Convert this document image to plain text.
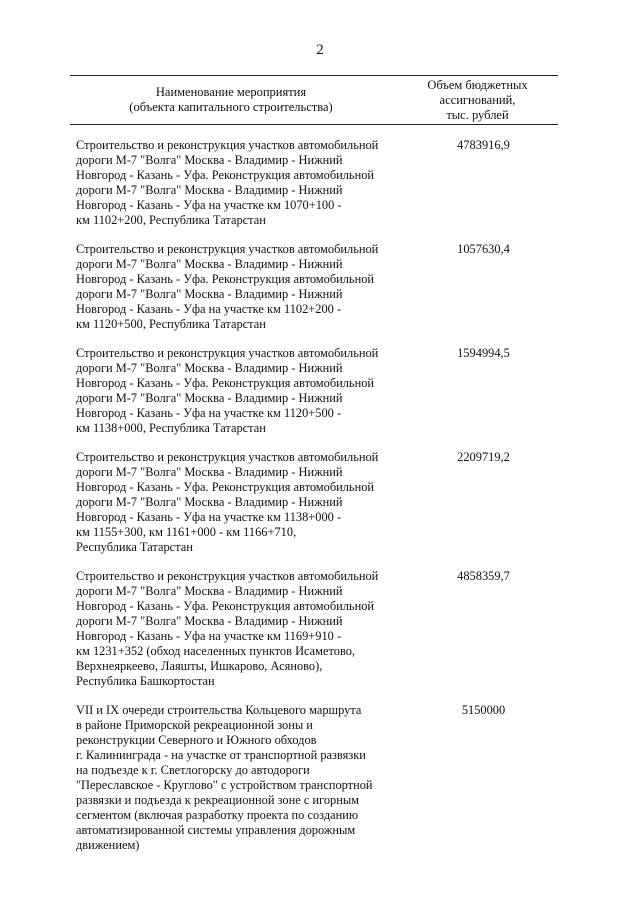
2
Наименование мероприятия
(объекта капитального строительства)
Объем бюджетных
ассигнований,
тыс. рублей
Строительство и реконструкция участков автомобильной
дороги М-7 "Волга" Москва - Владимир - Нижний
Новгород - Казань - Уфа. Реконструкция автомобильной
дороги М-7 "Волга" Москва - Владимир - Нижний
Новгород - Казань - Уфа на участке км 1070+100 -
км 1102+200, Республика Татарстан
4783916,9
Строительство и реконструкция участков автомобильной
дороги М-7 "Волга" Москва - Владимир - Нижний
Новгород - Казань - Уфа. Реконструкция автомобильной
дороги М-7 "Волга" Москва - Владимир - Нижний
Новгород - Казань - Уфа на участке км 1102+200 -
км 1120+500, Республика Татарстан
1057630,4
Строительство и реконструкция участков автомобильной
дороги М-7 "Волга" Москва - Владимир - Нижний
Новгород - Казань - Уфа. Реконструкция автомобильной
дороги М-7 "Волга" Москва - Владимир - Нижний
Новгород - Казань - Уфа на участке км 1120+500 -
км 1138+000, Республика Татарстан
1594994,5
Строительство и реконструкция участков автомобильной
дороги М-7 "Волга" Москва - Владимир - Нижний
Новгород - Казань - Уфа. Реконструкция автомобильной
дороги М-7 "Волга" Москва - Владимир - Нижний
Новгород - Казань - Уфа на участке км 1138+000 -
км 1155+300, км 1161+000 - км 1166+710,
Республика Татарстан
2209719,2
Строительство и реконструкция участков автомобильной
дороги М-7 "Волга" Москва - Владимир - Нижний
Новгород - Казань - Уфа. Реконструкция автомобильной
дороги М-7 "Волга" Москва - Владимир - Нижний
Новгород - Казань - Уфа на участке км 1169+910 -
км 1231+352 (обход населенных пунктов Исаметово,
Верхнеяркеево, Лаяшты, Ишкарово, Асяново),
Республика Башкортостан
4858359,7
VII и IX очереди строительства Кольцевого маршрута
в районе Приморской рекреационной зоны и
реконструкции Северного и Южного обходов
г. Калининграда - на участке от транспортной развязки
на подъезде к г. Светлогорску до автодороги
"Переславское - Круглово" с устройством транспортной
развязки и подъезда к рекреационной зоне с игорным
сегментом (включая разработку проекта по созданию
автоматизированной системы управления дорожным
движением)
5150000
